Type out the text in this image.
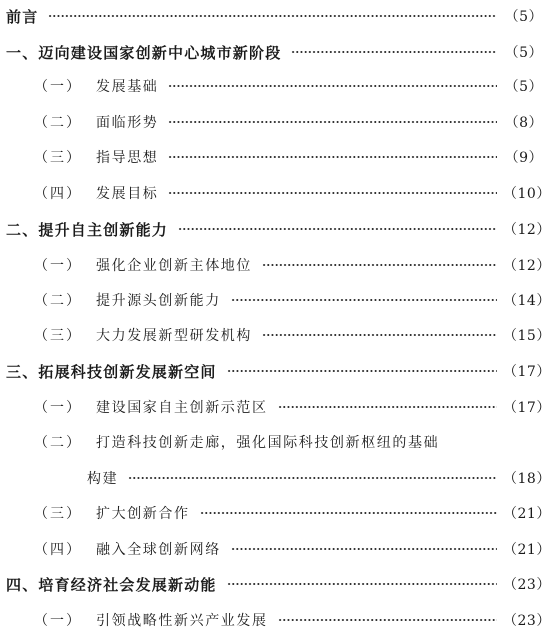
前言	（5）
一、迈向建设国家创新中心城市新阶段	（5）
（一） 发展基础	（5）
（二） 面临形势	（8）
（三） 指导思想	（9）
（四） 发展目标	（10）
二、提升自主创新能力	（12）
（一） 强化企业创新主体地位	（12）
（二） 提升源头创新能力	（14）
（三） 大力发展新型研发机构	（15）
三、拓展科技创新发展新空间	（17）
（一） 建设国家自主创新示范区	（17）
（二） 打造科技创新走廊，强化国际科技创新枢纽的基础
构建	（18）
（三） 扩大创新合作	（21）
（四） 融入全球创新网络	（21）
四、培育经济社会发展新动能	（23）
（一） 引领战略性新兴产业发展	（23）
